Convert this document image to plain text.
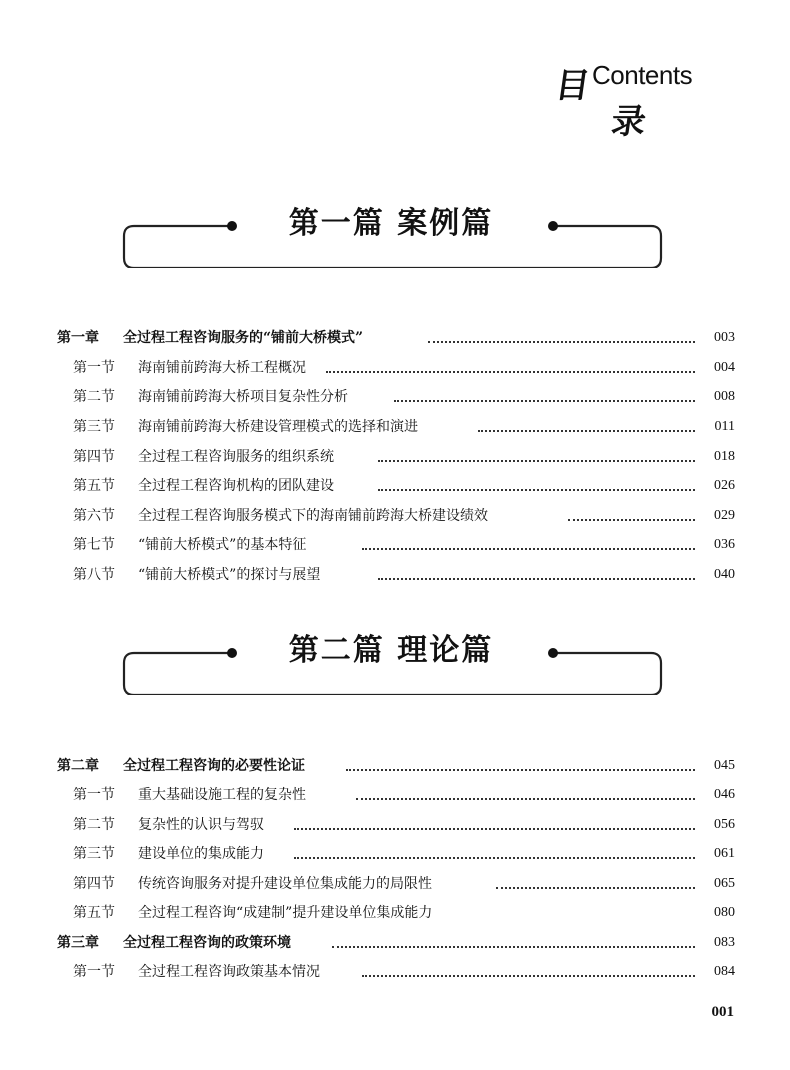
目 Contents
录
第一篇 案例篇
第一章 全过程工程咨询服务的“铺前大桥模式”	003
第一节 海南铺前跨海大桥工程概况	004
第二节 海南铺前跨海大桥项目复杂性分析	008
第三节 海南铺前跨海大桥建设管理模式的选择和演进	011
第四节 全过程工程咨询服务的组织系统	018
第五节 全过程工程咨询机构的团队建设	026
第六节 全过程工程咨询服务模式下的海南铺前跨海大桥建设绩效	029
第七节 “铺前大桥模式”的基本特征	036
第八节 “铺前大桥模式”的探讨与展望	040
第二篇 理论篇
第二章 全过程工程咨询的必要性论证	045
第一节 重大基础设施工程的复杂性	046
第二节 复杂性的认识与驾驭	056
第三节 建设单位的集成能力	061
第四节 传统咨询服务对提升建设单位集成能力的局限性	065
第五节 全过程工程咨询“成建制”提升建设单位集成能力	080
第三章 全过程工程咨询的政策环境	083
第一节 全过程工程咨询政策基本情况	084
001
